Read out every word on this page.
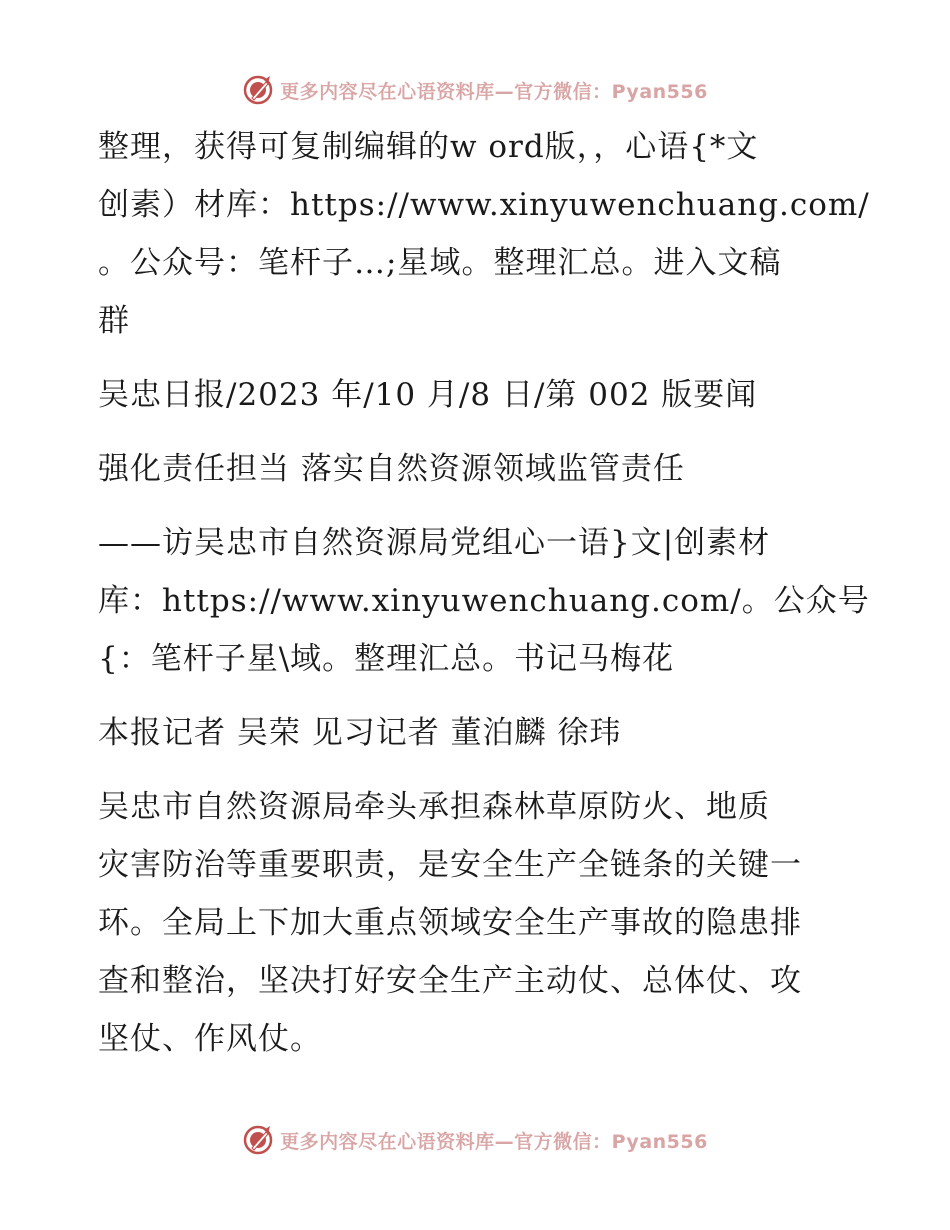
更多内容尽在心语资料库—官方微信：Pyan556

整理，获得可复制编辑的w ord版，，心语{*文
创素）材库：https://www.xinyuwenchuang.com/
。公众号：笔杆子…;星域。整理汇总。进入文稿
群

吴忠日报/2023 年/10 月/8 日/第 002 版要闻

强化责任担当 落实自然资源领域监管责任

——访吴忠市自然资源局党组心一语}文|创素材
库：https://www.xinyuwenchuang.com/。公众号
{：笔杆子星\域。整理汇总。书记马梅花

本报记者 吴荣 见习记者 董泊麟 徐玮

吴忠市自然资源局牵头承担森林草原防火、地质
灾害防治等重要职责，是安全生产全链条的关键一
环。全局上下加大重点领域安全生产事故的隐患排
查和整治，坚决打好安全生产主动仗、总体仗、攻
坚仗、作风仗。

更多内容尽在心语资料库—官方微信：Pyan556
